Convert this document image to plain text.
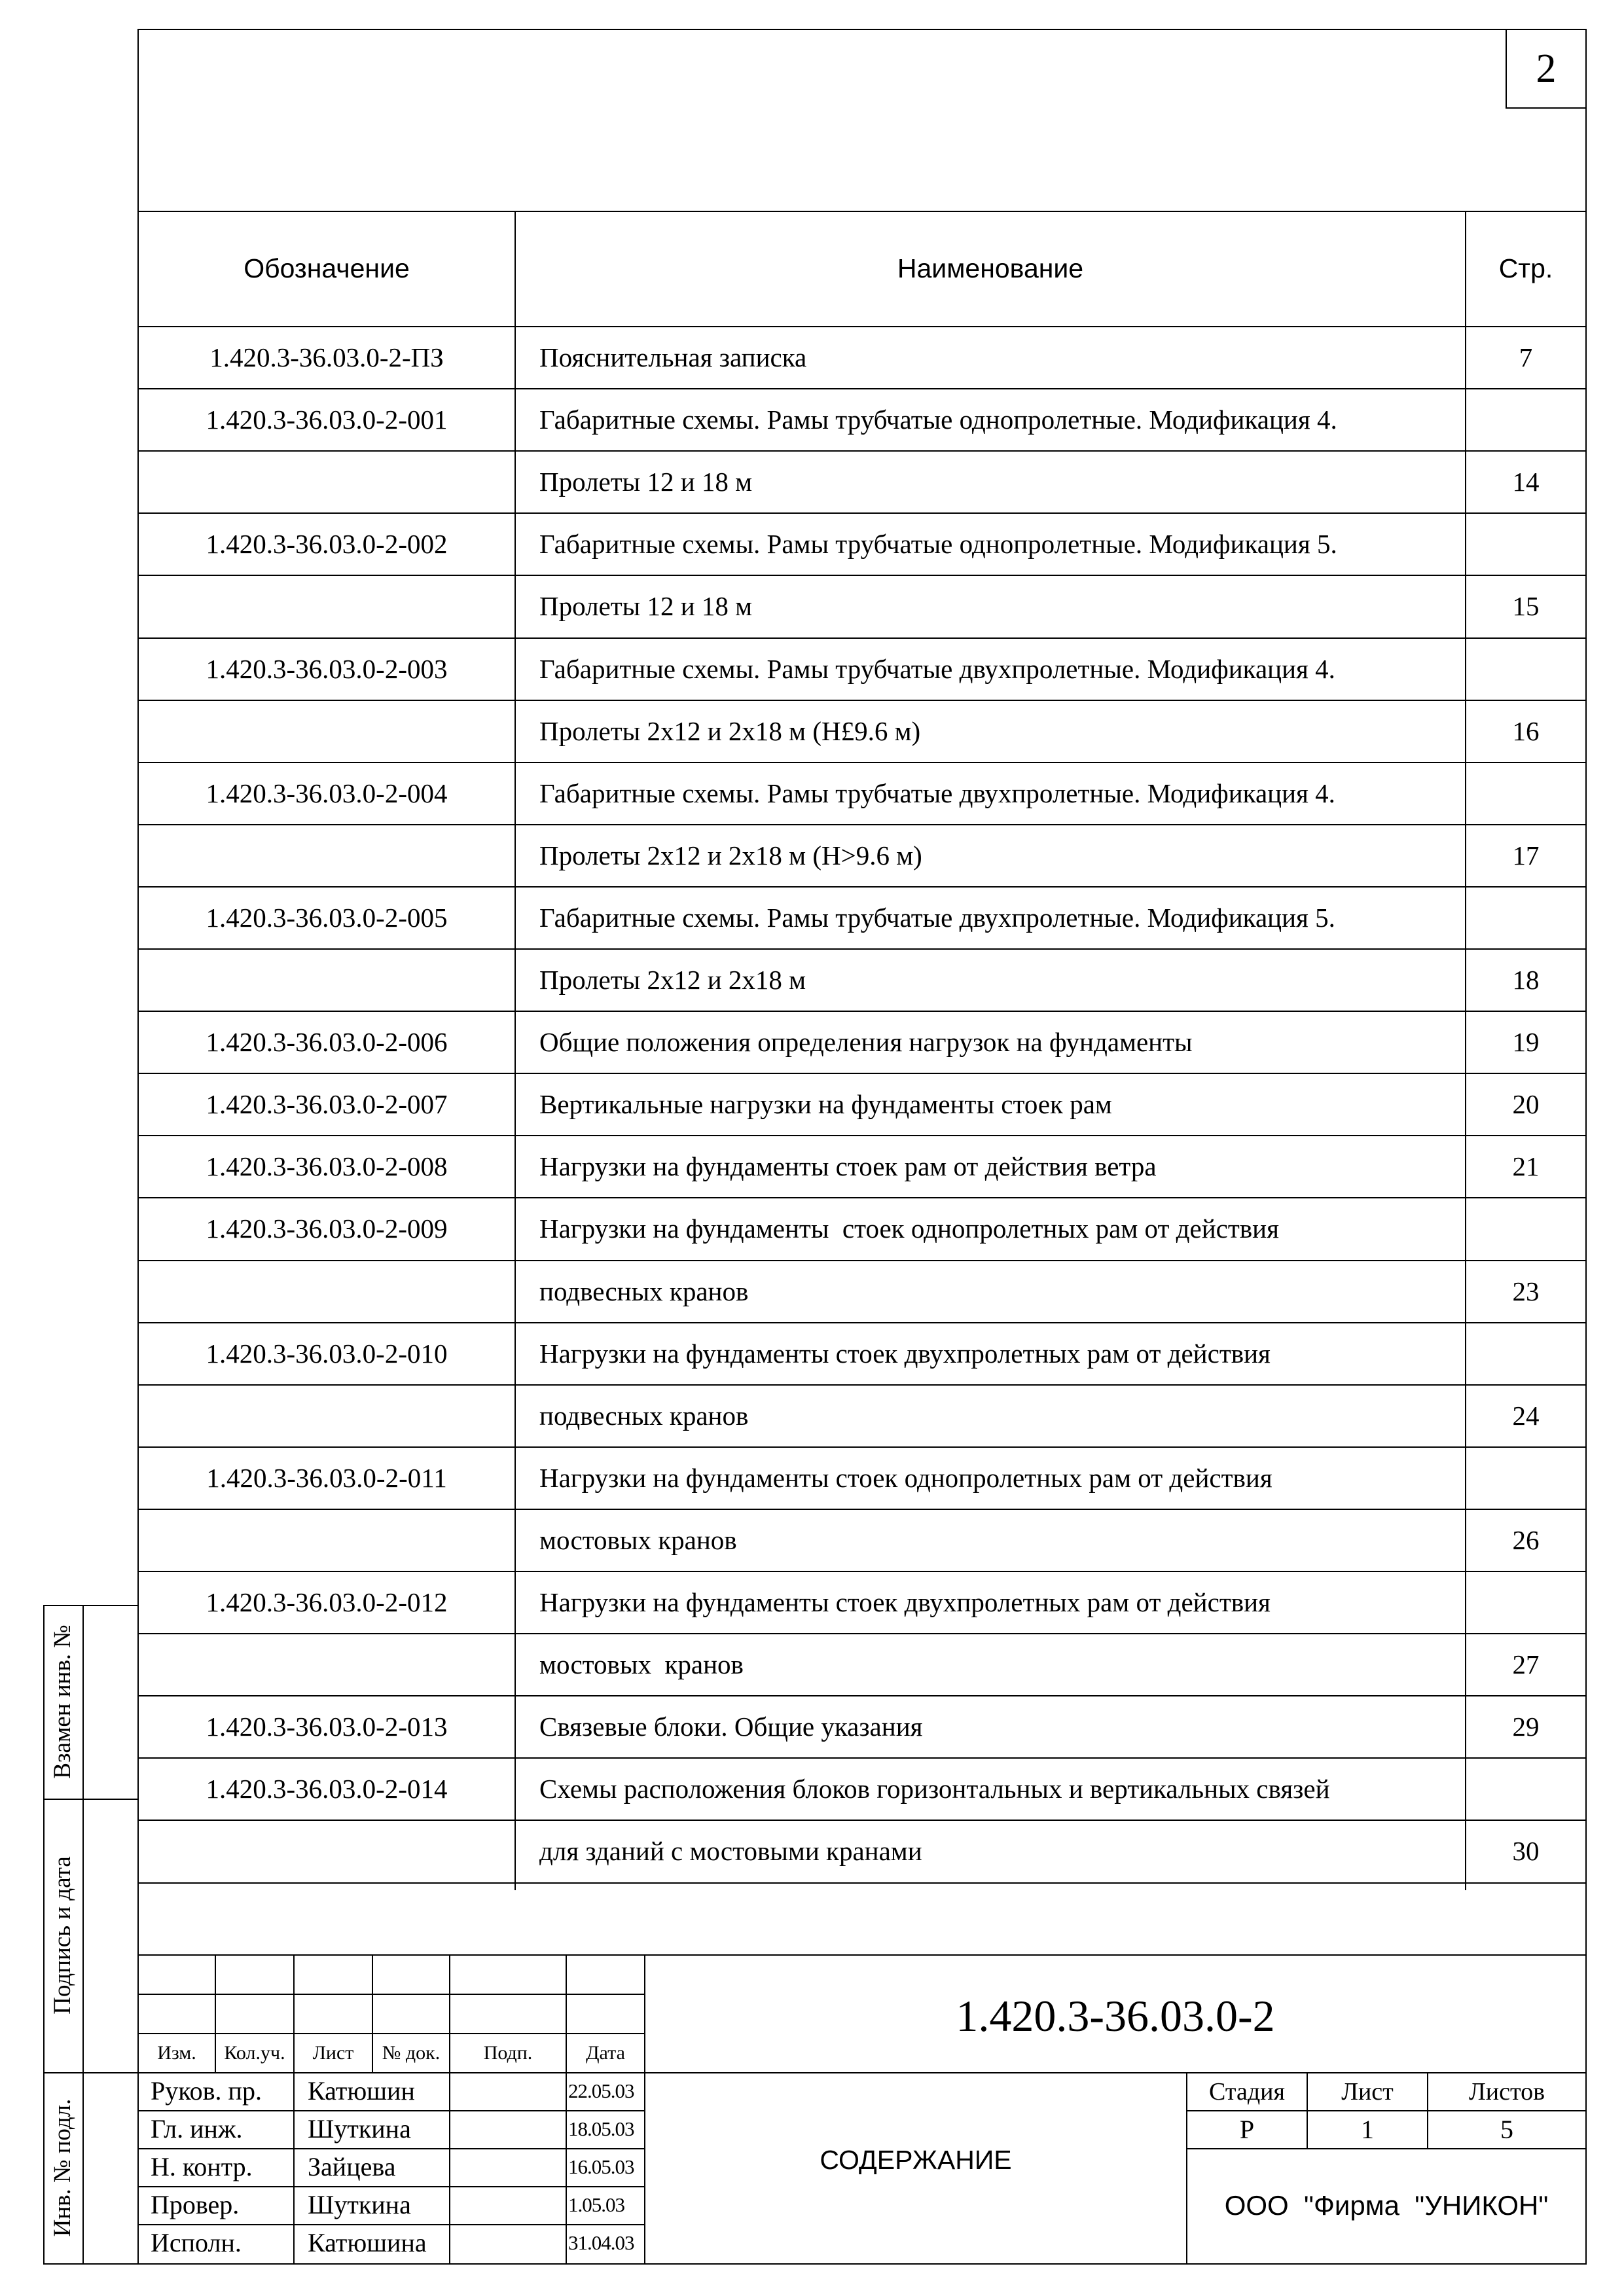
2
Обозначение	Наименование	Стр.
1.420.3-36.03.0-2-ПЗ	Пояснительная записка	7
1.420.3-36.03.0-2-001	Габаритные схемы. Рамы трубчатые однопролетные. Модификация 4.
Пролеты 12 и 18 м	14
1.420.3-36.03.0-2-002	Габаритные схемы. Рамы трубчатые однопролетные. Модификация 5.
Пролеты 12 и 18 м	15
1.420.3-36.03.0-2-003	Габаритные схемы. Рамы трубчатые двухпролетные. Модификация 4.
Пролеты 2х12 и 2х18 м (Н£9.6 м)	16
1.420.3-36.03.0-2-004	Габаритные схемы. Рамы трубчатые двухпролетные. Модификация 4.
Пролеты 2х12 и 2х18 м (Н>9.6 м)	17
1.420.3-36.03.0-2-005	Габаритные схемы. Рамы трубчатые двухпролетные. Модификация 5.
Пролеты 2х12 и 2х18 м	18
1.420.3-36.03.0-2-006	Общие положения определения нагрузок на фундаменты	19
1.420.3-36.03.0-2-007	Вертикальные нагрузки на фундаменты стоек рам	20
1.420.3-36.03.0-2-008	Нагрузки на фундаменты стоек рам от действия ветра	21
1.420.3-36.03.0-2-009	Нагрузки на фундаменты  стоек однопролетных рам от действия
подвесных кранов	23
1.420.3-36.03.0-2-010	Нагрузки на фундаменты стоек двухпролетных рам от действия
подвесных кранов	24
1.420.3-36.03.0-2-011	Нагрузки на фундаменты стоек однопролетных рам от действия
мостовых кранов	26
1.420.3-36.03.0-2-012	Нагрузки на фундаменты стоек двухпролетных рам от действия
мостовых  кранов	27
1.420.3-36.03.0-2-013	Связевые блоки. Общие указания	29
1.420.3-36.03.0-2-014	Схемы расположения блоков горизонтальных и вертикальных связей
для зданий с мостовыми кранами	30
Взамен инв. №
Подпись и дата
Инв. № подл.
Изм.	Кол.уч.	Лист	№ док.	Подп.	Дата
1.420.3-36.03.0-2
Руков. пр.	Катюшин	22.05.03
Гл. инж.	Шуткина	18.05.03
Н. контр.	Зайцева	16.05.03
Провер.	Шуткина	1.05.03
Исполн.	Катюшина	31.04.03
СОДЕРЖАНИЕ
Стадия	Лист	Листов
Р	1	5
ООО  "Фирма  "УНИКОН"
